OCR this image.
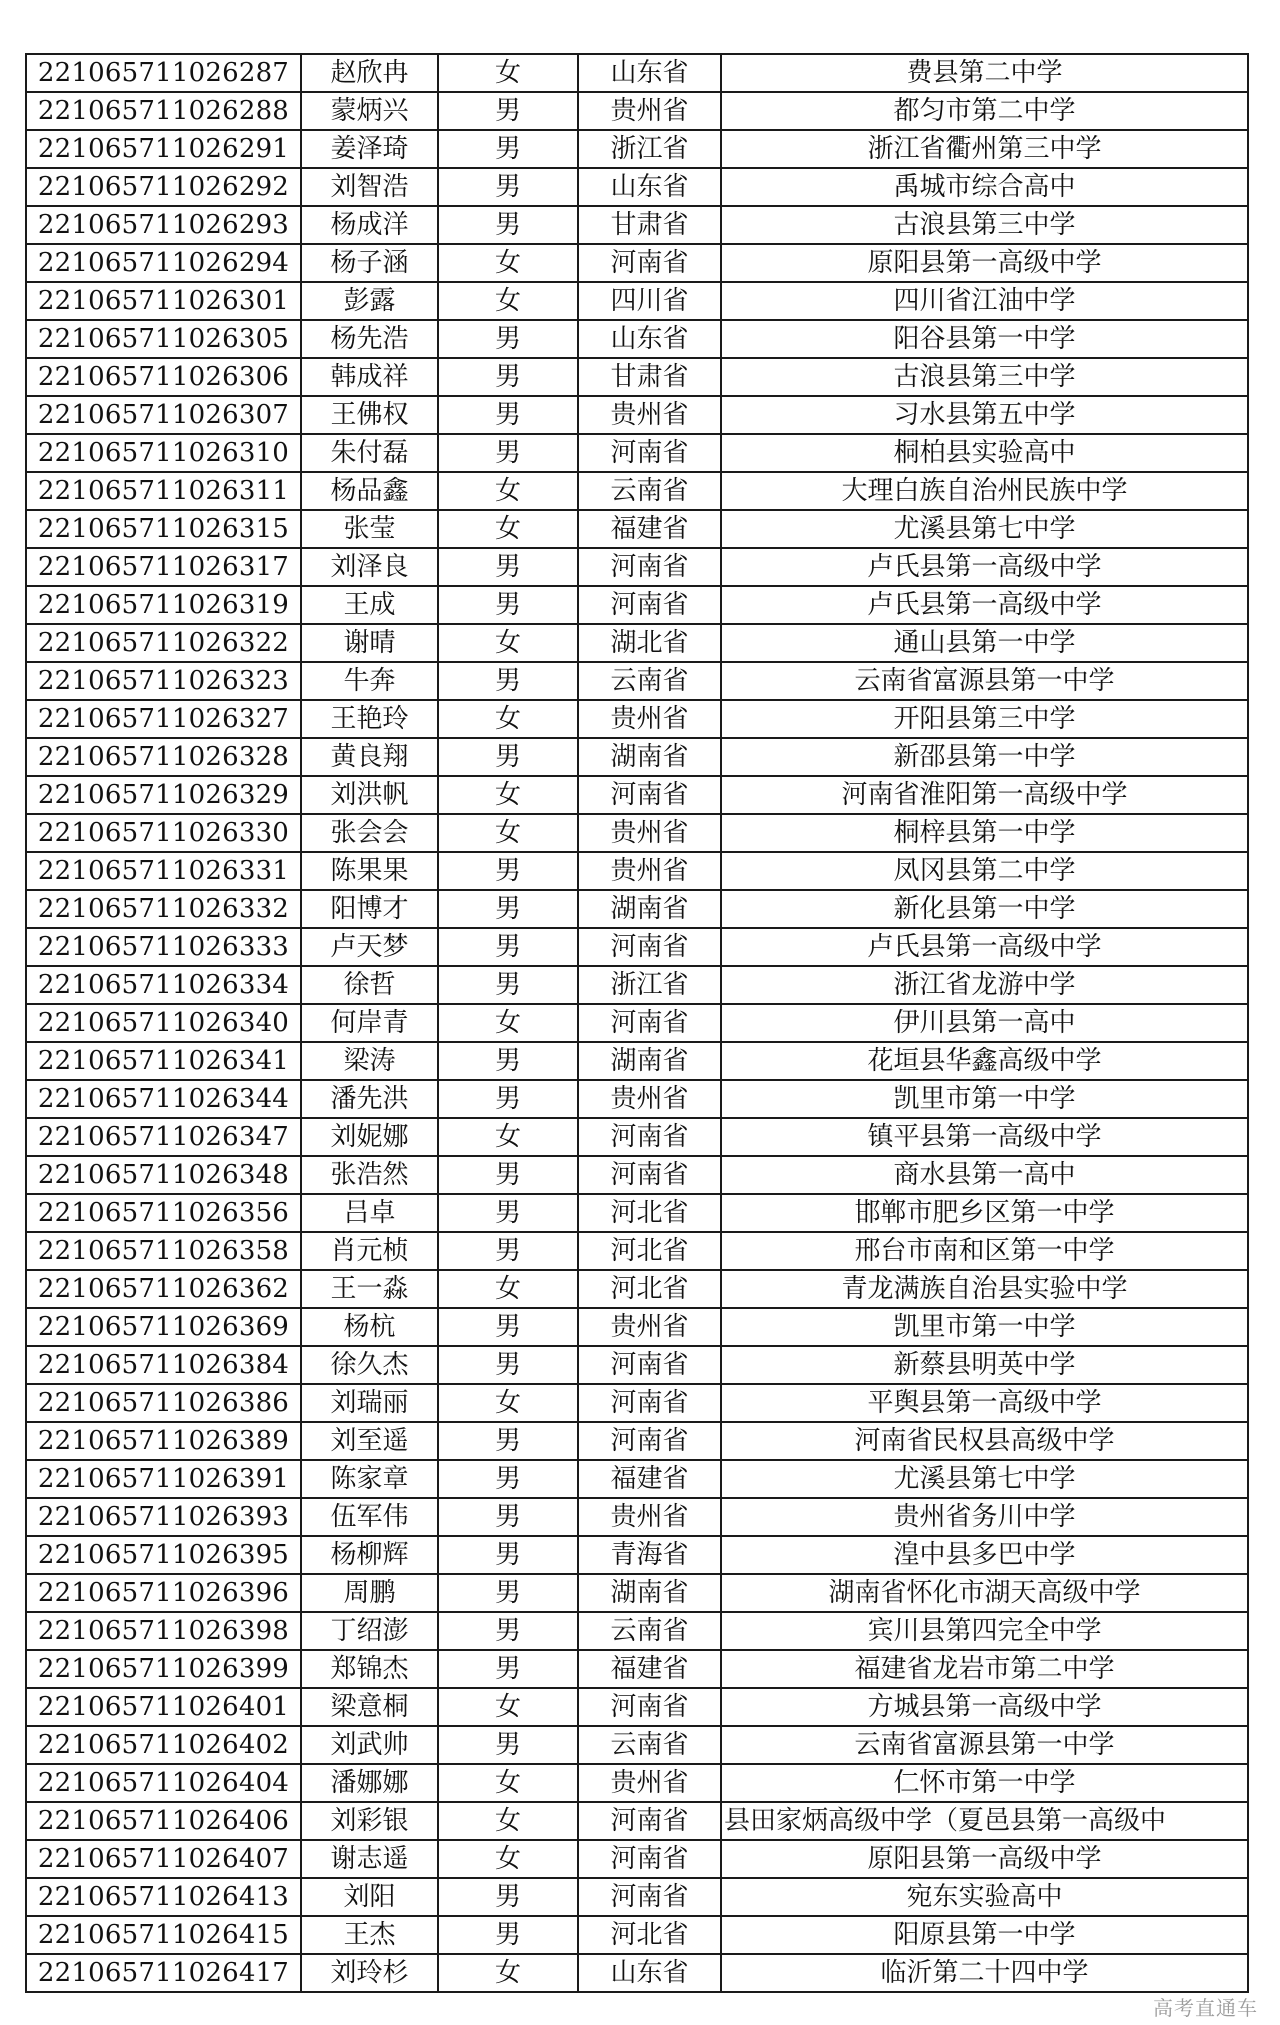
221065711026287	赵欣冉	女	山东省	费县第二中学
221065711026288	蒙炳兴	男	贵州省	都匀市第二中学
221065711026291	姜泽琦	男	浙江省	浙江省衢州第三中学
221065711026292	刘智浩	男	山东省	禹城市综合高中
221065711026293	杨成洋	男	甘肃省	古浪县第三中学
221065711026294	杨子涵	女	河南省	原阳县第一高级中学
221065711026301	彭露	女	四川省	四川省江油中学
221065711026305	杨先浩	男	山东省	阳谷县第一中学
221065711026306	韩成祥	男	甘肃省	古浪县第三中学
221065711026307	王佛权	男	贵州省	习水县第五中学
221065711026310	朱付磊	男	河南省	桐柏县实验高中
221065711026311	杨品鑫	女	云南省	大理白族自治州民族中学
221065711026315	张莹	女	福建省	尤溪县第七中学
221065711026317	刘泽良	男	河南省	卢氏县第一高级中学
221065711026319	王成	男	河南省	卢氏县第一高级中学
221065711026322	谢晴	女	湖北省	通山县第一中学
221065711026323	牛奔	男	云南省	云南省富源县第一中学
221065711026327	王艳玲	女	贵州省	开阳县第三中学
221065711026328	黄良翔	男	湖南省	新邵县第一中学
221065711026329	刘洪帆	女	河南省	河南省淮阳第一高级中学
221065711026330	张会会	女	贵州省	桐梓县第一中学
221065711026331	陈果果	男	贵州省	凤冈县第二中学
221065711026332	阳博才	男	湖南省	新化县第一中学
221065711026333	卢天梦	男	河南省	卢氏县第一高级中学
221065711026334	徐哲	男	浙江省	浙江省龙游中学
221065711026340	何岸青	女	河南省	伊川县第一高中
221065711026341	梁涛	男	湖南省	花垣县华鑫高级中学
221065711026344	潘先洪	男	贵州省	凯里市第一中学
221065711026347	刘妮娜	女	河南省	镇平县第一高级中学
221065711026348	张浩然	男	河南省	商水县第一高中
221065711026356	吕卓	男	河北省	邯郸市肥乡区第一中学
221065711026358	肖元桢	男	河北省	邢台市南和区第一中学
221065711026362	王一淼	女	河北省	青龙满族自治县实验中学
221065711026369	杨杭	男	贵州省	凯里市第一中学
221065711026384	徐久杰	男	河南省	新蔡县明英中学
221065711026386	刘瑞丽	女	河南省	平舆县第一高级中学
221065711026389	刘至遥	男	河南省	河南省民权县高级中学
221065711026391	陈家章	男	福建省	尤溪县第七中学
221065711026393	伍军伟	男	贵州省	贵州省务川中学
221065711026395	杨柳辉	男	青海省	湟中县多巴中学
221065711026396	周鹏	男	湖南省	湖南省怀化市湖天高级中学
221065711026398	丁绍澎	男	云南省	宾川县第四完全中学
221065711026399	郑锦杰	男	福建省	福建省龙岩市第二中学
221065711026401	梁意桐	女	河南省	方城县第一高级中学
221065711026402	刘武帅	男	云南省	云南省富源县第一中学
221065711026404	潘娜娜	女	贵州省	仁怀市第一中学
221065711026406	刘彩银	女	河南省	县田家炳高级中学（夏邑县第一高级中
221065711026407	谢志遥	女	河南省	原阳县第一高级中学
221065711026413	刘阳	男	河南省	宛东实验高中
221065711026415	王杰	男	河北省	阳原县第一中学
221065711026417	刘玲杉	女	山东省	临沂第二十四中学
高考直通车
